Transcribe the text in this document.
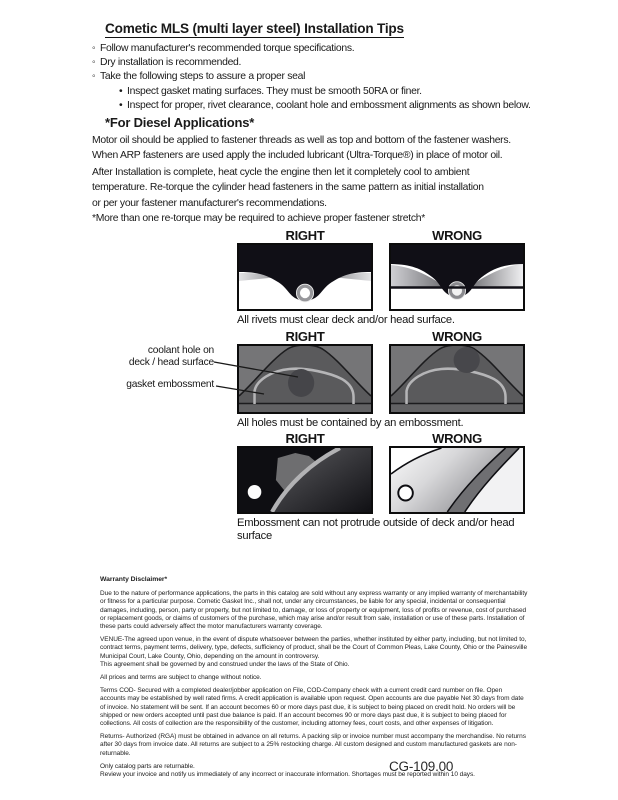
Cometic MLS (multi layer steel) Installation Tips
◦ Follow manufacturer's recommended torque specifications.
◦ Dry installation is recommended.
◦ Take the following steps to assure a proper seal
• Inspect gasket mating surfaces. They must be smooth 50RA or finer.
• Inspect for proper, rivet clearance, coolant hole and embossment alignments as shown below.
*For Diesel Applications*
Motor oil should be applied to fastener threads as well as top and bottom of the fastener washers.
When ARP fasteners are used apply the included lubricant (Ultra-Torque®) in place of motor oil.
After Installation is complete, heat cycle the engine then let it completely cool to ambient
temperature. Re-torque the cylinder head fasteners in the same pattern as initial installation
or per your fastener manufacturer's recommendations.
*More than one re-torque may be required to achieve proper fastener stretch*
RIGHT	WRONG
All rivets must clear deck and/or head surface.
RIGHT	WRONG
coolant hole on
deck / head surface
gasket embossment
All holes must be contained by an embossment.
RIGHT	WRONG
Embossment can not protrude outside of deck and/or head surface
Warranty Disclaimer*
Due to the nature of performance applications, the parts in this catalog are sold without any express warranty or any implied warranty of merchantability or fitness for a particular purpose. Cometic Gasket Inc., shall not, under any circumstances, be liable for any special, incidental or consequential damages, including, person, party or property, but not limited to, damage, or loss of property or equipment, loss of profits or revenue, cost of purchased or replacement goods, or claims of customers of the purchase, which may arise and/or result from sale, installation or use of these parts. Installation of these parts could adversely affect the motor manufacturers warranty coverage.
VENUE-The agreed upon venue, in the event of dispute whatsoever between the parties, whether instituted by either party, including, but not limited to, contract terms, payment terms, delivery, type, defects, sufficiency of product, shall be the Court of Common Pleas, Lake County, Ohio or the Painesville Municipal Court, Lake County, Ohio, depending on the amount in controversy.
This agreement shall be governed by and construed under the laws of the State of Ohio.
All prices and terms are subject to change without notice.
Terms COD- Secured with a completed dealer/jobber application on File, COD-Company check with a current credit card number on file. Open accounts may be established by well rated firms. A credit application is available upon request. Open accounts are due payable Net 30 days from date of invoice. No statement will be sent. If an account becomes 60 or more days past due, it is subject to being placed on credit hold. No orders will be shipped or new orders accepted until past due balance is paid. If an account becomes 90 or more days past due, it is subject to being placed for collections. All costs of collection are the responsibility of the customer, including attorney fees, court costs, and other expenses of litigation.
Returns- Authorized (RGA) must be obtained in advance on all returns. A packing slip or invoice number must accompany the merchandise. No returns after 30 days from invoice date. All returns are subject to a 25% restocking charge. All custom designed and custom manufactured gaskets are non-returnable.
Only catalog parts are returnable.
Review your invoice and notify us immediately of any incorrect or inaccurate information. Shortages must be reported within 10 days.
CG-109.00
